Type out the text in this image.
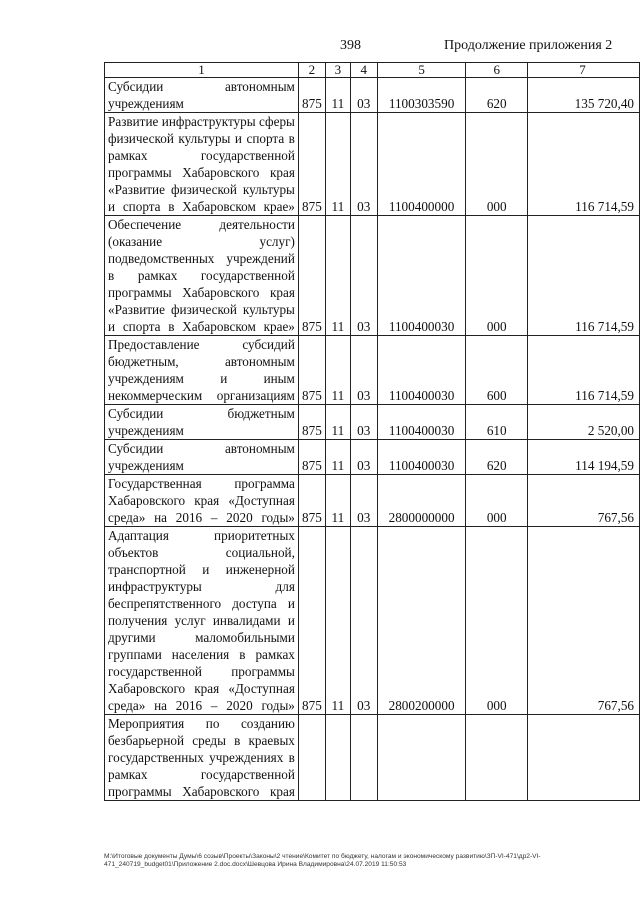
398	Продолжение приложения 2
1	2	3	4	5	6	7
Субсидии автономным учреждениям	875	11	03	1100303590	620	135 720,40
Развитие инфраструктуры сферы физической культуры и спорта в рамках государственной программы Хабаровского края «Развитие физической культуры и спорта в Хабаровском крае»	875	11	03	1100400000	000	116 714,59
Обеспечение деятельности (оказание услуг) подведомственных учреждений в рамках государственной программы Хабаровского края «Развитие физической культуры и спорта в Хабаровском крае»	875	11	03	1100400030	000	116 714,59
Предоставление субсидий бюджетным, автономным учреждениям и иным некоммерческим организациям	875	11	03	1100400030	600	116 714,59
Субсидии бюджетным учреждениям	875	11	03	1100400030	610	2 520,00
Субсидии автономным учреждениям	875	11	03	1100400030	620	114 194,59
Государственная программа Хабаровского края «Доступная среда» на 2016 – 2020 годы»	875	11	03	2800000000	000	767,56
Адаптация приоритетных объектов социальной, транспортной и инженерной инфраструктуры для беспрепятственного доступа и получения услуг инвалидами и другими маломобильными группами населения в рамках государственной программы Хабаровского края «Доступная среда» на 2016 – 2020 годы»	875	11	03	2800200000	000	767,56
Мероприятия по созданию безбарьерной среды в краевых государственных учреждениях в рамках государственной программы Хабаровского края						
M:\Итоговые документы Думы\6 созыв\Проекты\Законы\2 чтение\Комитет по бюджету, налогам и экономическому развитию\ЗП-VI-471\др2-VI-471_240719_budget01\Приложение 2.doc.docx\Шевцова Ирина Владимировна\24.07.2019 11:50:53
